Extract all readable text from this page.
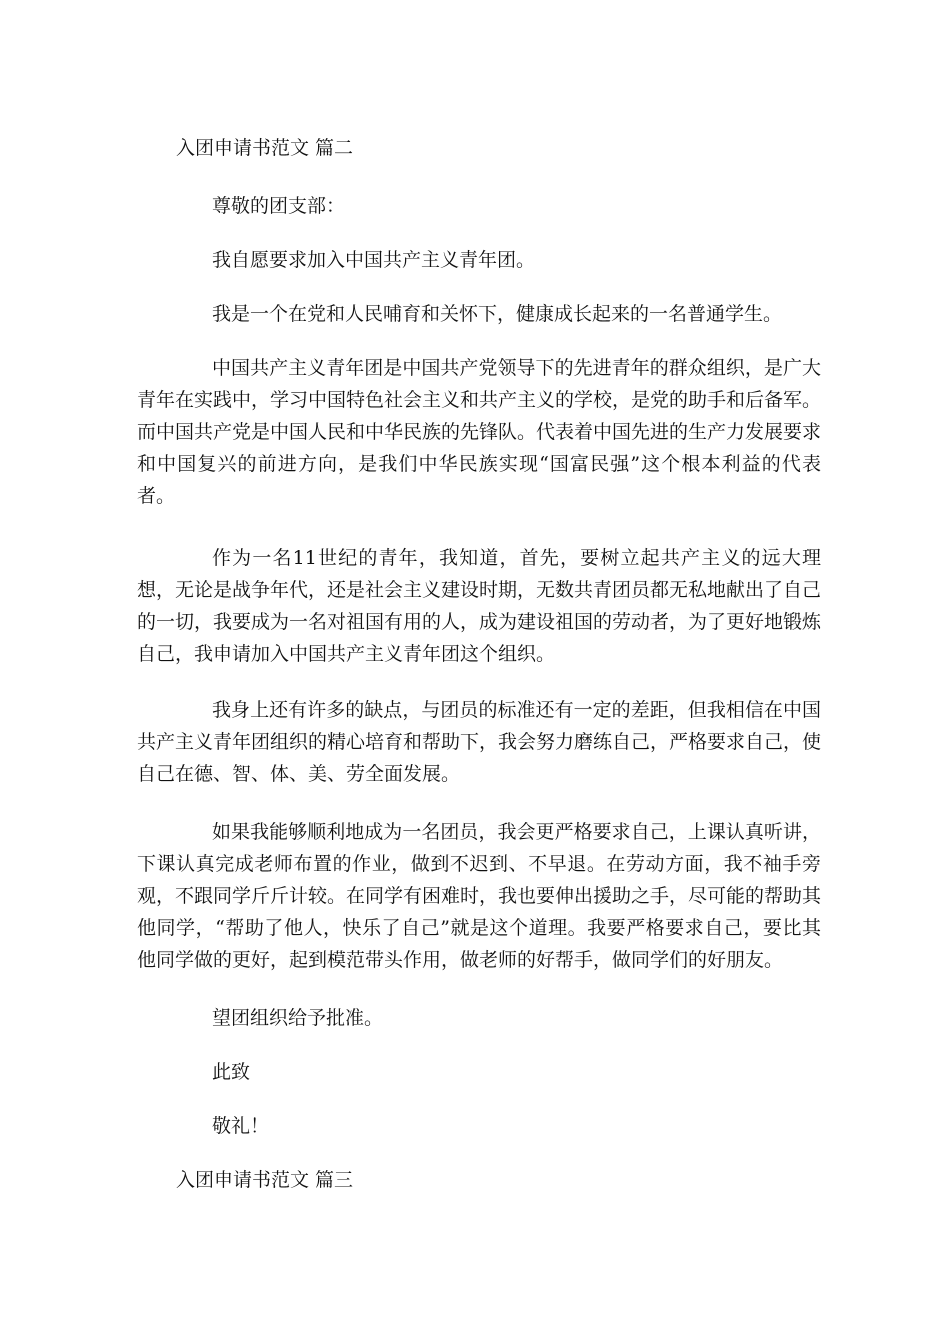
入团申请书范文 篇二

尊敬的团支部：

我自愿要求加入中国共产主义青年团。

我是一个在党和人民哺育和关怀下，健康成长起来的一名普通学生。

中国共产主义青年团是中国共产党领导下的先进青年的群众组织，是广大青年在实践中，学习中国特色社会主义和共产主义的学校，是党的助手和后备军。而中国共产党是中国人民和中华民族的先锋队。代表着中国先进的生产力发展要求和中国复兴的前进方向，是我们中华民族实现“国富民强”这个根本利益的代表者。

作为一名11世纪的青年，我知道，首先，要树立起共产主义的远大理想，无论是战争年代，还是社会主义建设时期，无数共青团员都无私地献出了自己的一切，我要成为一名对祖国有用的人，成为建设祖国的劳动者，为了更好地锻炼自己，我申请加入中国共产主义青年团这个组织。

我身上还有许多的缺点，与团员的标准还有一定的差距，但我相信在中国共产主义青年团组织的精心培育和帮助下，我会努力磨练自己，严格要求自己，使自己在德、智、体、美、劳全面发展。

如果我能够顺利地成为一名团员，我会更严格要求自己，上课认真听讲，下课认真完成老师布置的作业，做到不迟到、不早退。在劳动方面，我不袖手旁观，不跟同学斤斤计较。在同学有困难时，我也要伸出援助之手，尽可能的帮助其他同学，“帮助了他人，快乐了自己”就是这个道理。我要严格要求自己，要比其他同学做的更好，起到模范带头作用，做老师的好帮手，做同学们的好朋友。

望团组织给予批准。

此致

敬礼！

入团申请书范文 篇三
